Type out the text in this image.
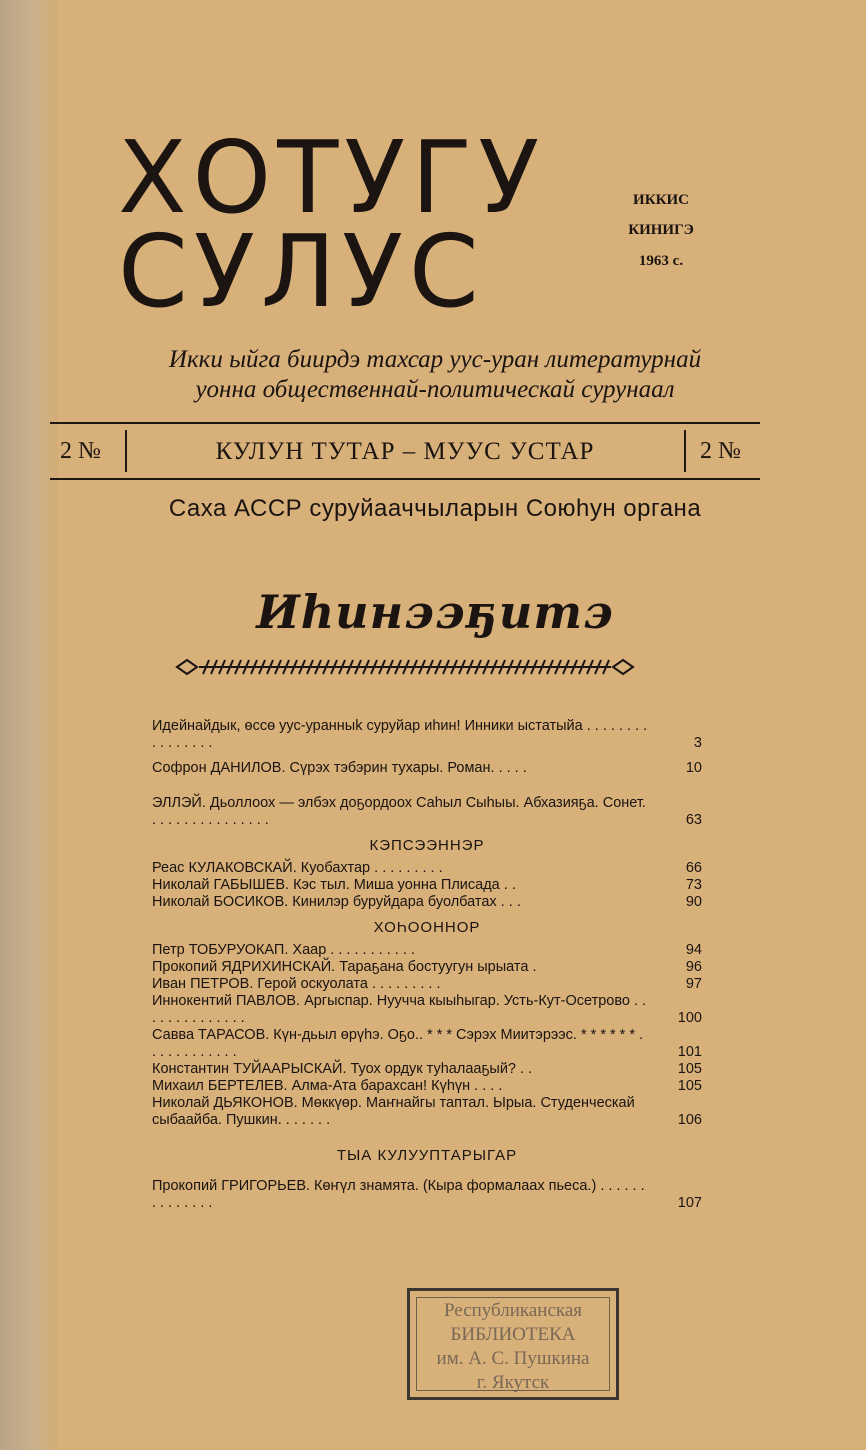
ХОТУГУ
СУЛУС
ИККИС
КИНИГЭ
1963 с.
Икки ыйга биирдэ тахсар уус-уран литературнай
уонна общественнай-политическай сурунаал
2 №	КУЛУН ТУТАР – МУУС УСТАР	2 №
Саха АССР суруйааччыларын Союһун органа
Иһинээҕитэ
Идейнайдык, өссө уус-уранныk суруйар иһин! Инники ыстатыйа . . . . . . . . . . . . . . . .	3
Софрон ДАНИЛОВ. Сүрэх тэбэрин тухары. Роман. . . . .	10
ЭЛЛЭЙ. Дьоллоох — элбэх доҕордоох Саһыл Сыһыы. Абхазияҕа. Сонет. . . . . . . . . . . . . . . .	63
КЭПСЭЭННЭР
Реас КУЛАКОВСКАЙ. Куобахтар . . . . . . . . .	66
Николай ГАБЫШЕВ. Кэс тыл. Миша уонна Плисада . .	73
Николай БОСИКОВ. Кинилэр буруйдара буолбатах . . .	90
ХОҺООННОР
Петр ТОБУРУОКАП. Хаар . . . . . . . . . . .	94
Прокопий ЯДРИХИНСКАЙ. Тараҕана бостуугун ырыата .	96
Иван ПЕТРОВ. Герой оскуолата . . . . . . . . .	97
Иннокентий ПАВЛОВ. Аргыспар. Нууччa кыыһыгар. Усть-Кут-Осетрово . . . . . . . . . . . . . .	100
Савва ТАРАСОВ. Күн-дьыл өрүһэ. Оҕо.. * * * Сэрэх Миитэрээс. * * * * * * . . . . . . . . . . . .	101
Константин ТУЙААРЫСКАЙ. Туох ордук туһалааҕый? . .	105
Михаил БЕРТЕЛЕВ. Алма-Ата барахсан! Күһүн . . . .	105
Николай ДЬЯКОНОВ. Мөккүөр. Маҥнайгы таптал. Ырыа. Студенческай сыбаайба. Пушкин. . . . . . .	106
ТЫА КУЛУУПТАРЫГАР
Прокопий ГРИГОРЬЕВ. Көҥүл знамята. (Кыра формалаах пьеса.) . . . . . . . . . . . . . .	107
Республиканская
БИБЛИОТЕКА
им. А. С. Пушкина
г. Якутск
